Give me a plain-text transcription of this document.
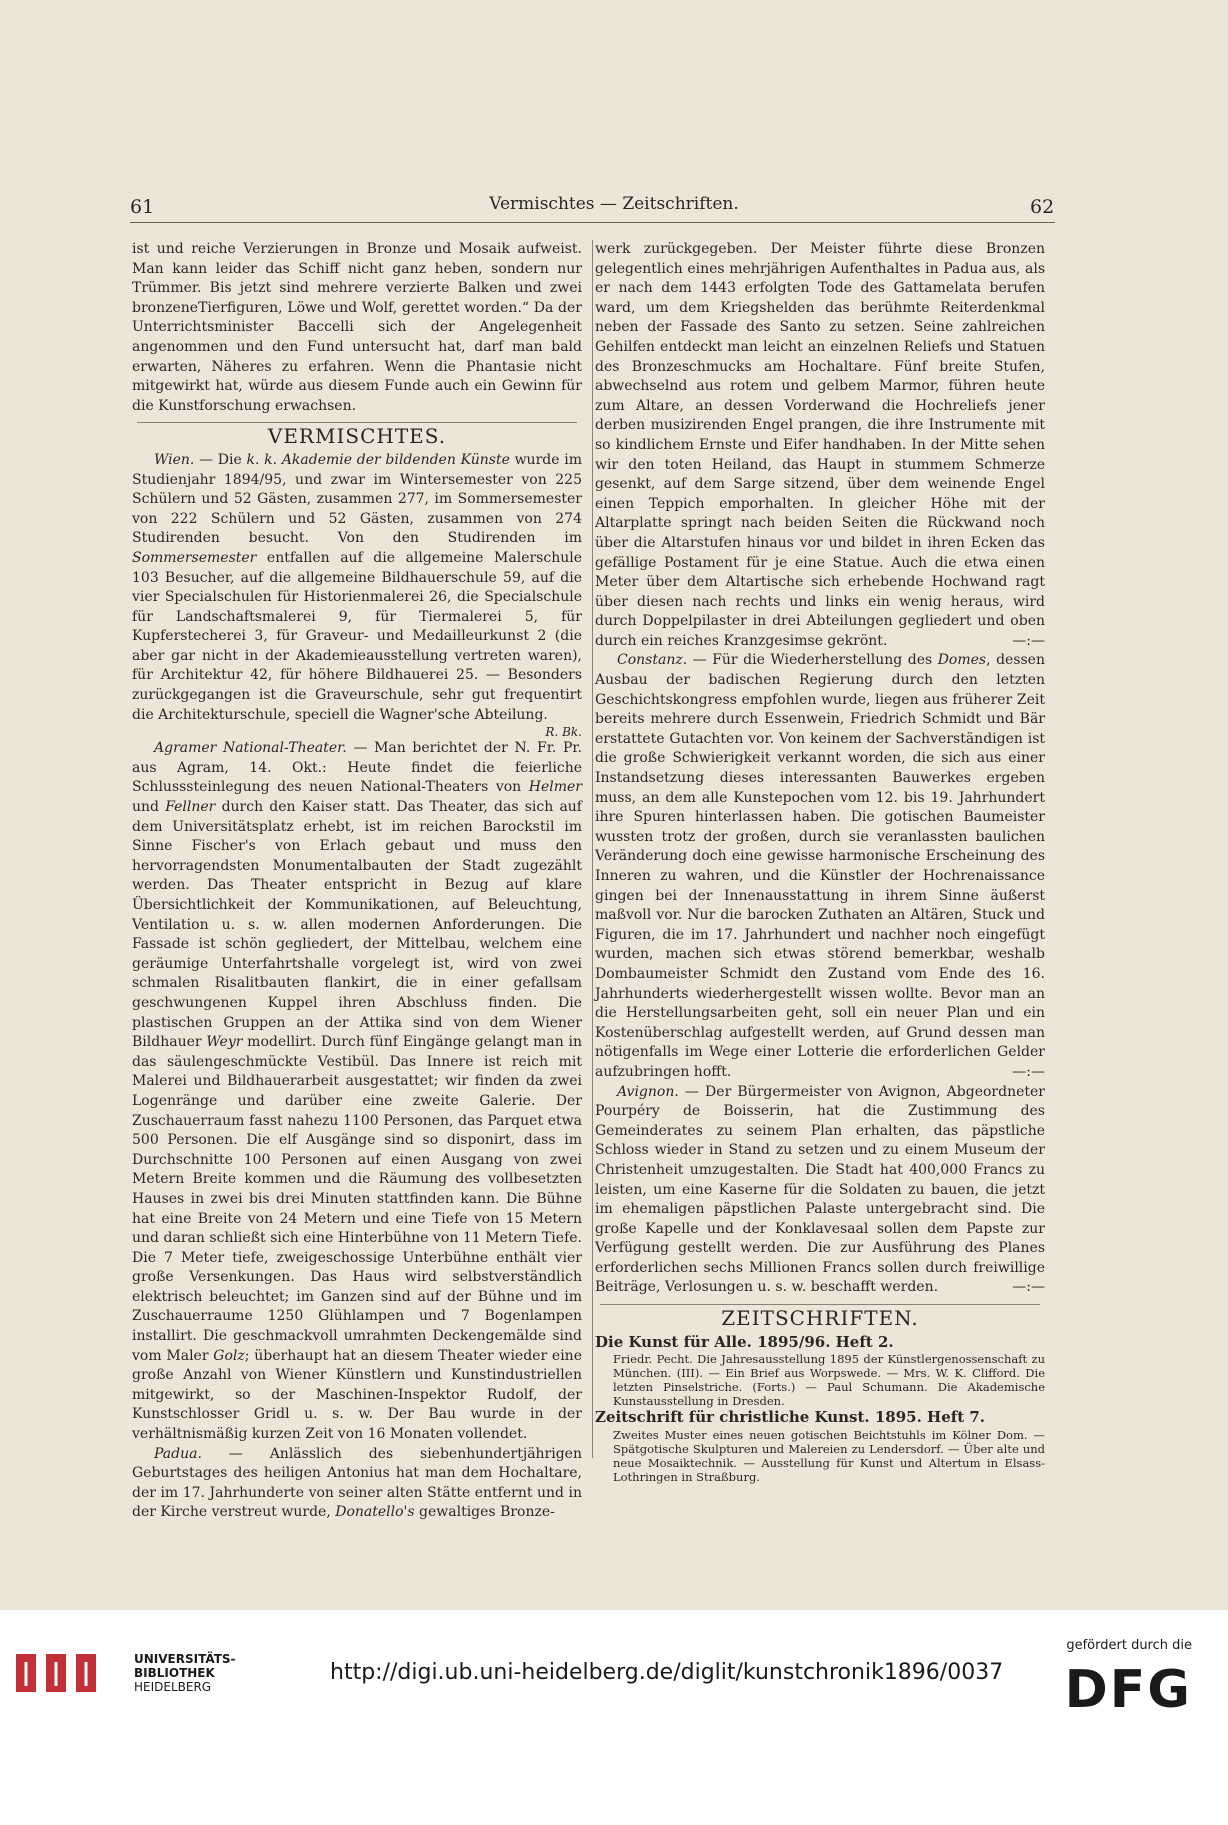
61	Vermischtes — Zeitschriften.	62

ist und reiche Verzierungen in Bronze und Mosaik aufweist. Man kann leider das Schiff nicht ganz heben, sondern nur Trümmer. Bis jetzt sind mehrere verzierte Balken und zwei bronzeneTierfiguren, Löwe und Wolf, gerettet worden.“ Da der Unterrichtsminister Baccelli sich der Angelegenheit angenommen und den Fund untersucht hat, darf man bald erwarten, Näheres zu erfahren. Wenn die Phantasie nicht mitgewirkt hat, würde aus diesem Funde auch ein Gewinn für die Kunstforschung erwachsen.

VERMISCHTES.

Wien. — Die k. k. Akademie der bildenden Künste wurde im Studienjahr 1894/95, und zwar im Wintersemester von 225 Schülern und 52 Gästen, zusammen 277, im Sommersemester von 222 Schülern und 52 Gästen, zusammen von 274 Studirenden besucht. Von den Studirenden im Sommersemester entfallen auf die allgemeine Malerschule 103 Besucher, auf die allgemeine Bildhauerschule 59, auf die vier Specialschulen für Historienmalerei 26, die Specialschule für Landschaftsmalerei 9, für Tiermalerei 5, für Kupferstecherei 3, für Graveur- und Medailleurkunst 2 (die aber gar nicht in der Akademieausstellung vertreten waren), für Architektur 42, für höhere Bildhauerei 25. — Besonders zurückgegangen ist die Graveurschule, sehr gut frequentirt die Architekturschule, speciell die Wagner'sche Abteilung.
R. Bk.

Agramer National-Theater. — Man berichtet der N. Fr. Pr. aus Agram, 14. Okt.: Heute findet die feierliche Schlusssteinlegung des neuen National-Theaters von Helmer und Fellner durch den Kaiser statt. Das Theater, das sich auf dem Universitätsplatz erhebt, ist im reichen Barockstil im Sinne Fischer's von Erlach gebaut und muss den hervorragendsten Monumentalbauten der Stadt zugezählt werden. Das Theater entspricht in Bezug auf klare Übersichtlichkeit der Kommunikationen, auf Beleuchtung, Ventilation u. s. w. allen modernen Anforderungen. Die Fassade ist schön gegliedert, der Mittelbau, welchem eine geräumige Unterfahrtshalle vorgelegt ist, wird von zwei schmalen Risalitbauten flankirt, die in einer gefallsam geschwungenen Kuppel ihren Abschluss finden. Die plastischen Gruppen an der Attika sind von dem Wiener Bildhauer Weyr modellirt. Durch fünf Eingänge gelangt man in das säulengeschmückte Vestibül. Das Innere ist reich mit Malerei und Bildhauerarbeit ausgestattet; wir finden da zwei Logenränge und darüber eine zweite Galerie. Der Zuschauerraum fasst nahezu 1100 Personen, das Parquet etwa 500 Personen. Die elf Ausgänge sind so disponirt, dass im Durchschnitte 100 Personen auf einen Ausgang von zwei Metern Breite kommen und die Räumung des vollbesetzten Hauses in zwei bis drei Minuten stattfinden kann. Die Bühne hat eine Breite von 24 Metern und eine Tiefe von 15 Metern und daran schließt sich eine Hinterbühne von 11 Metern Tiefe. Die 7 Meter tiefe, zweigeschossige Unterbühne enthält vier große Versenkungen. Das Haus wird selbstverständlich elektrisch beleuchtet; im Ganzen sind auf der Bühne und im Zuschauerraume 1250 Glühlampen und 7 Bogenlampen installirt. Die geschmackvoll umrahmten Deckengemälde sind vom Maler Golz; überhaupt hat an diesem Theater wieder eine große Anzahl von Wiener Künstlern und Kunstindustriellen mitgewirkt, so der Maschinen-Inspektor Rudolf, der Kunstschlosser Gridl u. s. w. Der Bau wurde in der verhältnismäßig kurzen Zeit von 16 Monaten vollendet.

Padua. — Anlässlich des siebenhundertjährigen Geburtstages des heiligen Antonius hat man dem Hochaltare, der im 17. Jahrhunderte von seiner alten Stätte entfernt und in der Kirche verstreut wurde, Donatello's gewaltiges Bronze-

werk zurückgegeben. Der Meister führte diese Bronzen gelegentlich eines mehrjährigen Aufenthaltes in Padua aus, als er nach dem 1443 erfolgten Tode des Gattamelata berufen ward, um dem Kriegshelden das berühmte Reiterdenkmal neben der Fassade des Santo zu setzen. Seine zahlreichen Gehilfen entdeckt man leicht an einzelnen Reliefs und Statuen des Bronzeschmucks am Hochaltare. Fünf breite Stufen, abwechselnd aus rotem und gelbem Marmor, führen heute zum Altare, an dessen Vorderwand die Hochreliefs jener derben musizirenden Engel prangen, die ihre Instrumente mit so kindlichem Ernste und Eifer handhaben. In der Mitte sehen wir den toten Heiland, das Haupt in stummem Schmerze gesenkt, auf dem Sarge sitzend, über dem weinende Engel einen Teppich emporhalten. In gleicher Höhe mit der Altarplatte springt nach beiden Seiten die Rückwand noch über die Altarstufen hinaus vor und bildet in ihren Ecken das gefällige Postament für je eine Statue. Auch die etwa einen Meter über dem Altartische sich erhebende Hochwand ragt über diesen nach rechts und links ein wenig heraus, wird durch Doppelpilaster in drei Abteilungen gegliedert und oben durch ein reiches Kranzgesimse gekrönt.	—:—

Constanz. — Für die Wiederherstellung des Domes, dessen Ausbau der badischen Regierung durch den letzten Geschichtskongress empfohlen wurde, liegen aus früherer Zeit bereits mehrere durch Essenwein, Friedrich Schmidt und Bär erstattete Gutachten vor. Von keinem der Sachverständigen ist die große Schwierigkeit verkannt worden, die sich aus einer Instandsetzung dieses interessanten Bauwerkes ergeben muss, an dem alle Kunstepochen vom 12. bis 19. Jahrhundert ihre Spuren hinterlassen haben. Die gotischen Baumeister wussten trotz der großen, durch sie veranlassten baulichen Veränderung doch eine gewisse harmonische Erscheinung des Inneren zu wahren, und die Künstler der Hochrenaissance gingen bei der Innenausstattung in ihrem Sinne äußerst maßvoll vor. Nur die barocken Zuthaten an Altären, Stuck und Figuren, die im 17. Jahrhundert und nachher noch eingefügt wurden, machen sich etwas störend bemerkbar, weshalb Dombaumeister Schmidt den Zustand vom Ende des 16. Jahrhunderts wiederhergestellt wissen wollte. Bevor man an die Herstellungsarbeiten geht, soll ein neuer Plan und ein Kostenüberschlag aufgestellt werden, auf Grund dessen man nötigenfalls im Wege einer Lotterie die erforderlichen Gelder aufzubringen hofft.	—:—

Avignon. — Der Bürgermeister von Avignon, Abgeordneter Pourpéry de Boisserin, hat die Zustimmung des Gemeinderates zu seinem Plan erhalten, das päpstliche Schloss wieder in Stand zu setzen und zu einem Museum der Christenheit umzugestalten. Die Stadt hat 400,000 Francs zu leisten, um eine Kaserne für die Soldaten zu bauen, die jetzt im ehemaligen päpstlichen Palaste untergebracht sind. Die große Kapelle und der Konklavesaal sollen dem Papste zur Verfügung gestellt werden. Die zur Ausführung des Planes erforderlichen sechs Millionen Francs sollen durch freiwillige Beiträge, Verlosungen u. s. w. beschafft werden.	—:—

ZEITSCHRIFTEN.

Die Kunst für Alle. 1895/96. Heft 2.

Friedr. Pecht. Die Jahresausstellung 1895 der Künstlergenossenschaft zu München. (III). — Ein Brief aus Worpswede. — Mrs. W. K. Clifford. Die letzten Pinselstriche. (Forts.) — Paul Schumann. Die Akademische Kunstausstellung in Dresden.

Zeitschrift für christliche Kunst. 1895. Heft 7.

Zweites Muster eines neuen gotischen Beichtstuhls im Kölner Dom. — Spätgotische Skulpturen und Malereien zu Lendersdorf. — Über alte und neue Mosaiktechnik. — Ausstellung für Kunst und Altertum in Elsass-Lothringen in Straßburg.

UNIVERSITÄTS-
BIBLIOTHEK
HEIDELBERG
http://digi.ub.uni-heidelberg.de/diglit/kunstchronik1896/0037
gefördert durch die
DFG
